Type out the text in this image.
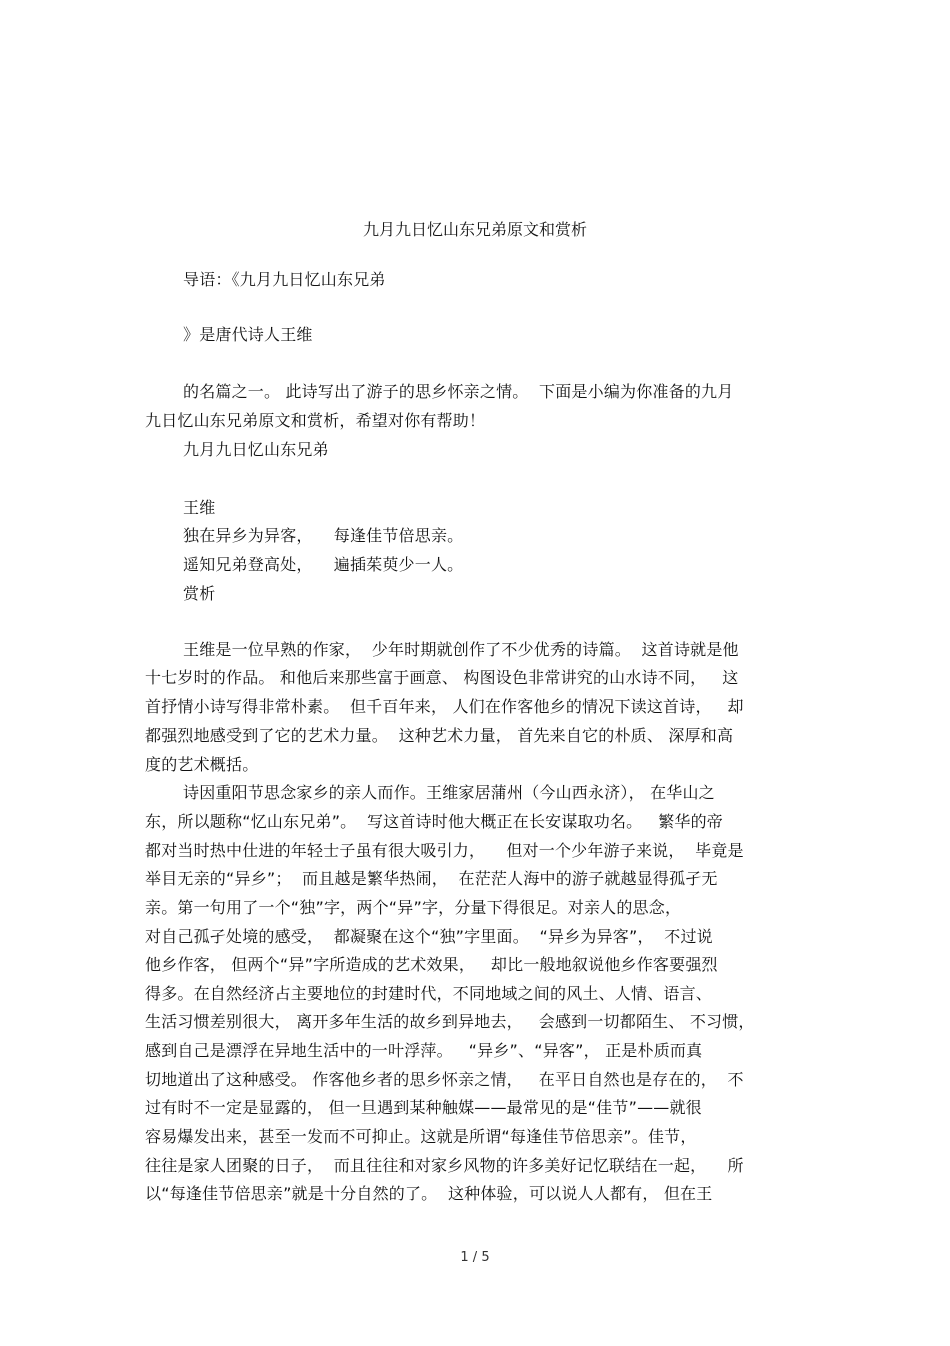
九月九日忆山东兄弟原文和赏析
导语：《九月九日忆山东兄弟
》是唐代诗人王维
的名篇之一。 此诗写出了游子的思乡怀亲之情。  下面是小编为你准备的九月
九日忆山东兄弟原文和赏析，希望对你有帮助！
九月九日忆山东兄弟
王维
独在异乡为异客，    每逢佳节倍思亲。
遥知兄弟登高处，    遍插茱萸少一人。
赏析
王维是一位早熟的作家，  少年时期就创作了不少优秀的诗篇。  这首诗就是他
十七岁时的作品。 和他后来那些富于画意、 构图设色非常讲究的山水诗不同，   这
首抒情小诗写得非常朴素。  但千百年来， 人们在作客他乡的情况下读这首诗，   却
都强烈地感受到了它的艺术力量。  这种艺术力量， 首先来自它的朴质、 深厚和高
度的艺术概括。
诗因重阳节思念家乡的亲人而作。王维家居蒲州（今山西永济）， 在华山之
东，所以题称“忆山东兄弟”。  写这首诗时他大概正在长安谋取功名。   繁华的帝
都对当时热中仕进的年轻士子虽有很大吸引力，    但对一个少年游子来说，  毕竟是
举目无亲的“异乡”；  而且越是繁华热闹，  在茫茫人海中的游子就越显得孤孑无
亲。第一句用了一个“独”字，两个“异”字，分量下得很足。对亲人的思念，
对自己孤孑处境的感受，  都凝聚在这个“独”字里面。  “异乡为异客”，  不过说
他乡作客， 但两个“异”字所造成的艺术效果，   却比一般地叙说他乡作客要强烈
得多。在自然经济占主要地位的封建时代，不同地域之间的风土、人情、语言、
生活习惯差别很大， 离开多年生活的故乡到异地去，   会感到一切都陌生、 不习惯，
感到自己是漂浮在异地生活中的一叶浮萍。   “异乡”、“异客”， 正是朴质而真
切地道出了这种感受。 作客他乡者的思乡怀亲之情，   在平日自然也是存在的，  不
过有时不一定是显露的， 但一旦遇到某种触媒——最常见的是“佳节”——就很
容易爆发出来，甚至一发而不可抑止。这就是所谓“每逢佳节倍思亲”。佳节，
往往是家人团聚的日子，  而且往往和对家乡风物的许多美好记忆联结在一起，    所
以“每逢佳节倍思亲”就是十分自然的了。  这种体验，可以说人人都有， 但在王
1 / 5
